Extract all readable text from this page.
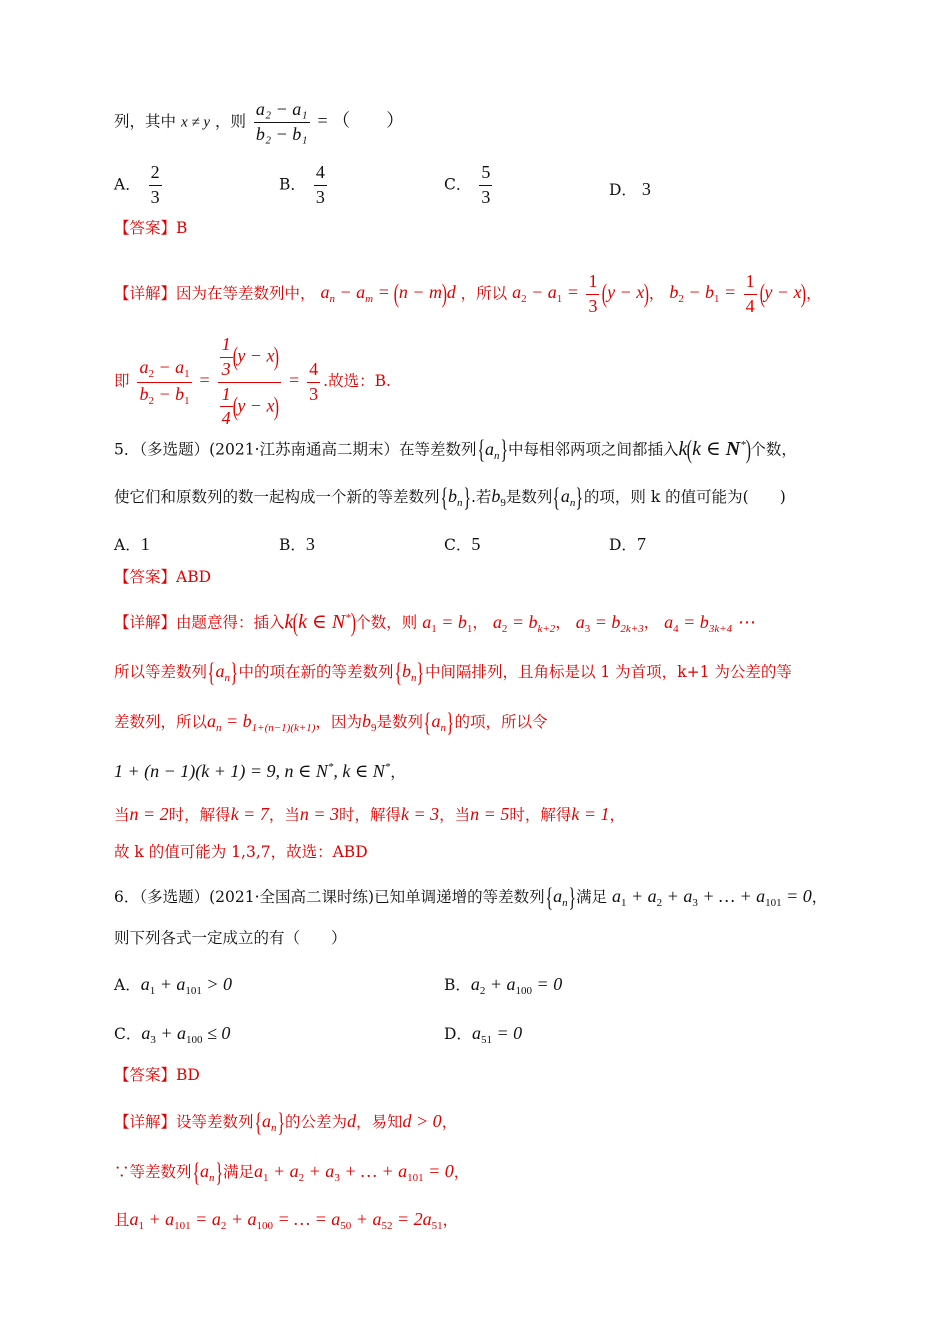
列，其中 x ≠ y ，则 $\frac{\text{a₂ − a₁}}{\text{b₂ − b₁}}$ = （　　）
A． $\frac{2}{3}$	B． $\frac{4}{3}$	C． $\frac{5}{3}$	D． 3
【答案】B
【详解】因为在等差数列中， $a_n - a_m = (n - m)d$ ，所以 $a_2 - a_1 = \frac{1}{3} (y - x)$， $b_2 - b_1 = \frac{1}{4} (y - x)$，
即 $\frac{a_2 - a_1}{b_2 - b_1} = \frac{\frac{1}{3} (y - x)}{\frac{1}{4} (y - x)} = \frac{4}{3}$ .故选：B.
5．（多选题）(2021·江苏南通高二期末）在等差数列$\{a_n\}$中每相邻两项之间都插入k(k ∈ N*)个数，
使它们和原数列的数一起构成一个新的等差数列$\{b_n\}$.若$b_9$是数列$\{a_n\}$的项，则 k 的值可能为(　　)
A．1	B．3	C．5	D．7
【答案】ABD
【详解】由题意得：插入k(k ∈ N*)个数，则 $a_1 = b_1$， $a_2 = b_{k+2}$， $a_3 = b_{2k+3}$， $a_4 = b_{3k+4}$ ⋯
所以等差数列$\{a_n\}$中的项在新的等差数列$\{b_n\}$中间隔排列，且角标是以 1 为首项，k+1 为公差的等
差数列，所以$a_n = b_{1+(n-1)(k+1)}$，因为$b_9$是数列$\{a_n\}$的项，所以令
1 + (n − 1)(k + 1) = 9, n ∈ N*, k ∈ N*，
当n = 2时，解得k = 7，当n = 3时，解得k = 3，当n = 5时，解得k = 1，
故 k 的值可能为 1,3,7，故选：ABD
6．（多选题）(2021·全国高二课时练)已知单调递增的等差数列$\{a_n\}$满足 $a_1 + a_2 + a_3$ + … + $a_{101} = 0$，
则下列各式一定成立的有（　　）
A．$a_1 + a_{101} > 0$	B．$a_2 + a_{100} = 0$
C．$a_3 + a_{100} \le 0$	D．$a_{51} = 0$
【答案】BD
【详解】设等差数列$\{a_n\}$的公差为d，易知d > 0，
∵等差数列$\{a_n\}$满足$a_1 + a_2 + a_3$ + … + $a_{101} = 0$，
且$a_1 + a_{101} = a_2 + a_{100}$ = … = $a_{50} + a_{52} = 2a_{51}$，
